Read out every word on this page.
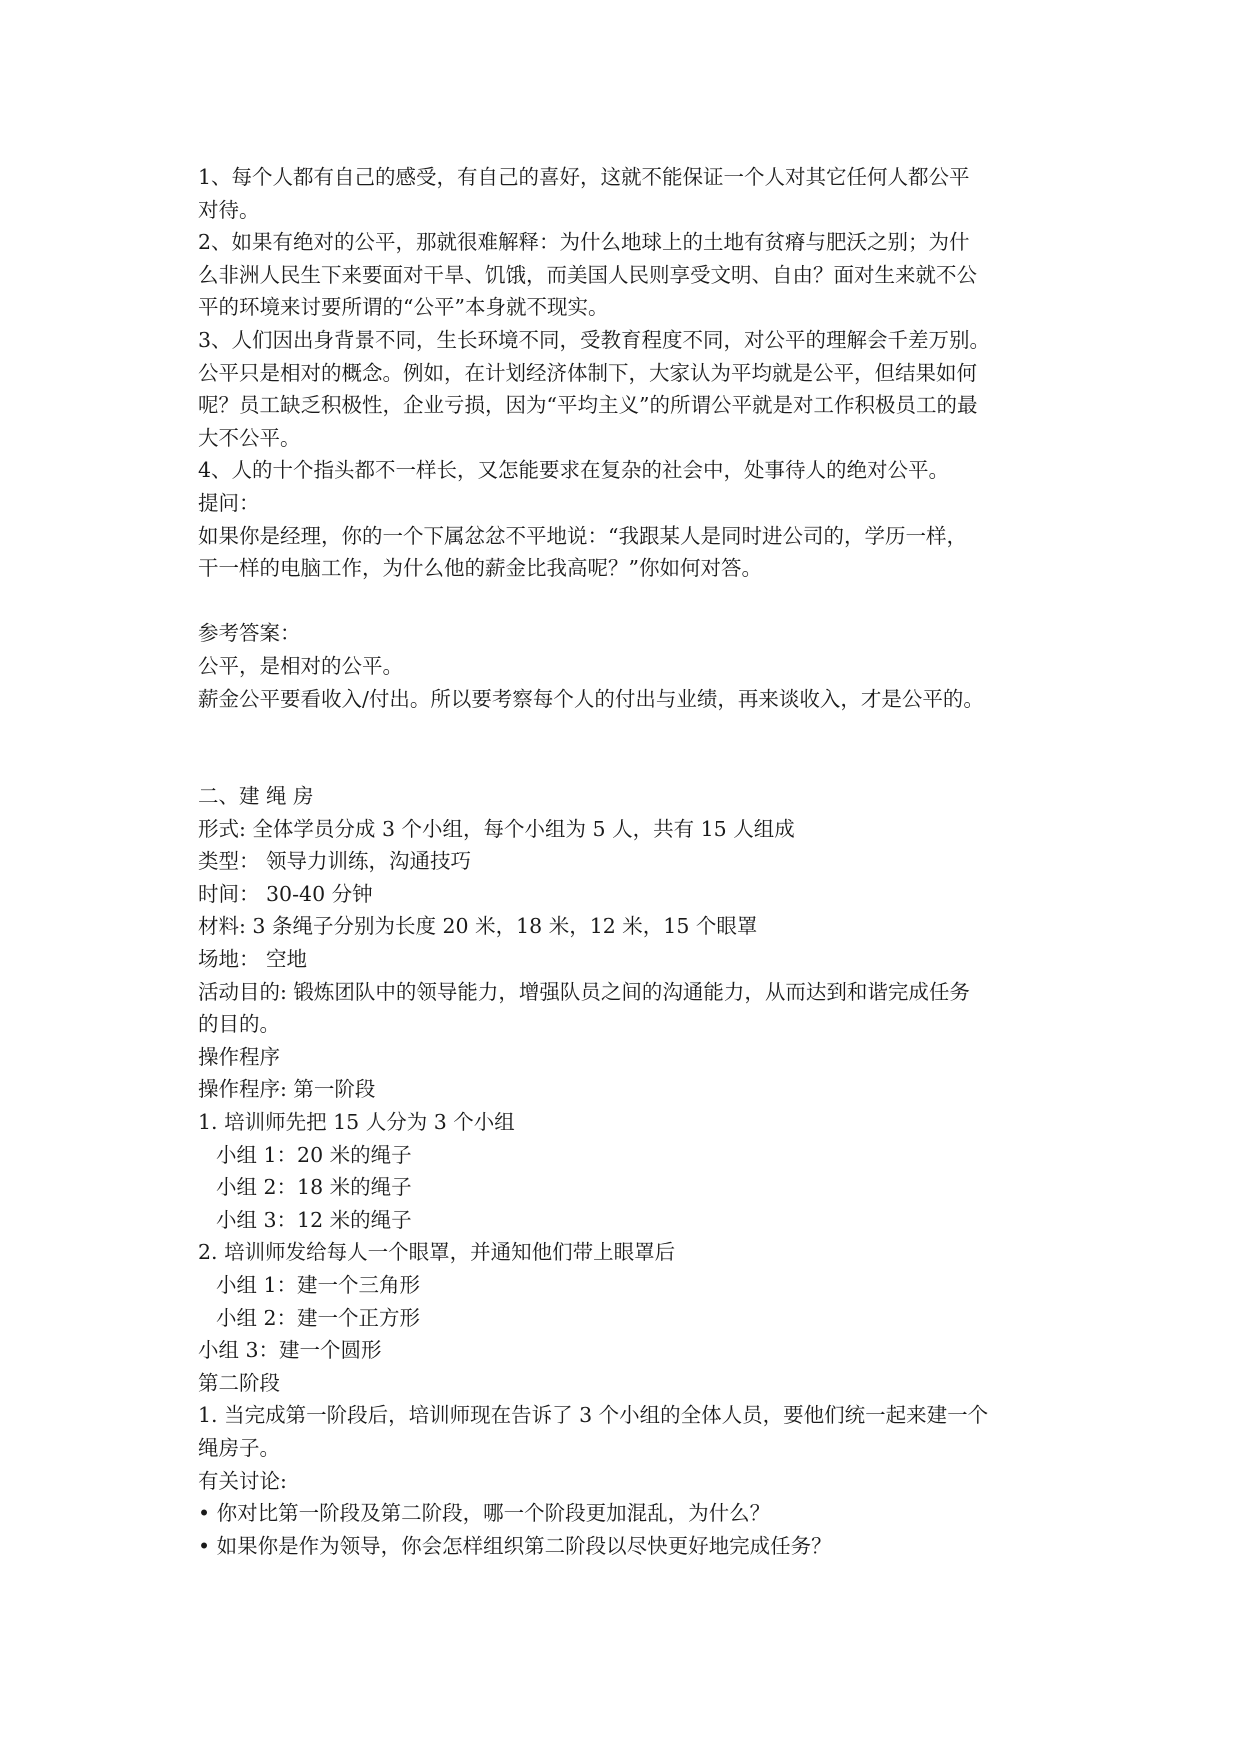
1、每个人都有自己的感受，有自己的喜好，这就不能保证一个人对其它任何人都公平
对待。
2、如果有绝对的公平，那就很难解释：为什么地球上的土地有贫瘠与肥沃之别；为什
么非洲人民生下来要面对干旱、饥饿，而美国人民则享受文明、自由？面对生来就不公
平的环境来讨要所谓的“公平”本身就不现实。
3、人们因出身背景不同，生长环境不同，受教育程度不同，对公平的理解会千差万别。
公平只是相对的概念。例如，在计划经济体制下，大家认为平均就是公平，但结果如何
呢？员工缺乏积极性，企业亏损，因为“平均主义”的所谓公平就是对工作积极员工的最
大不公平。
4、人的十个指头都不一样长，又怎能要求在复杂的社会中，处事待人的绝对公平。
提问：
如果你是经理，你的一个下属忿忿不平地说：“我跟某人是同时进公司的，学历一样，
干一样的电脑工作，为什么他的薪金比我高呢？”你如何对答。
参考答案：
公平，是相对的公平。
薪金公平要看收入/付出。所以要考察每个人的付出与业绩，再来谈收入，才是公平的。
二、建 绳 房
形式: 全体学员分成 3 个小组，每个小组为 5 人，共有 15 人组成
类型： 领导力训练，沟通技巧
时间： 30-40 分钟
材料: 3 条绳子分别为长度 20 米，18 米，12 米，15 个眼罩
场地： 空地
活动目的: 锻炼团队中的领导能力，增强队员之间的沟通能力，从而达到和谐完成任务
的目的。
操作程序
操作程序: 第一阶段
1. 培训师先把 15 人分为 3 个小组
小组 1：20 米的绳子
小组 2：18 米的绳子
小组 3：12 米的绳子
2. 培训师发给每人一个眼罩，并通知他们带上眼罩后
小组 1：建一个三角形
小组 2：建一个正方形
小组 3：建一个圆形
第二阶段
1. 当完成第一阶段后，培训师现在告诉了 3 个小组的全体人员，要他们统一起来建一个
绳房子。
有关讨论:
• 你对比第一阶段及第二阶段，哪一个阶段更加混乱，为什么？
• 如果你是作为领导，你会怎样组织第二阶段以尽快更好地完成任务？
